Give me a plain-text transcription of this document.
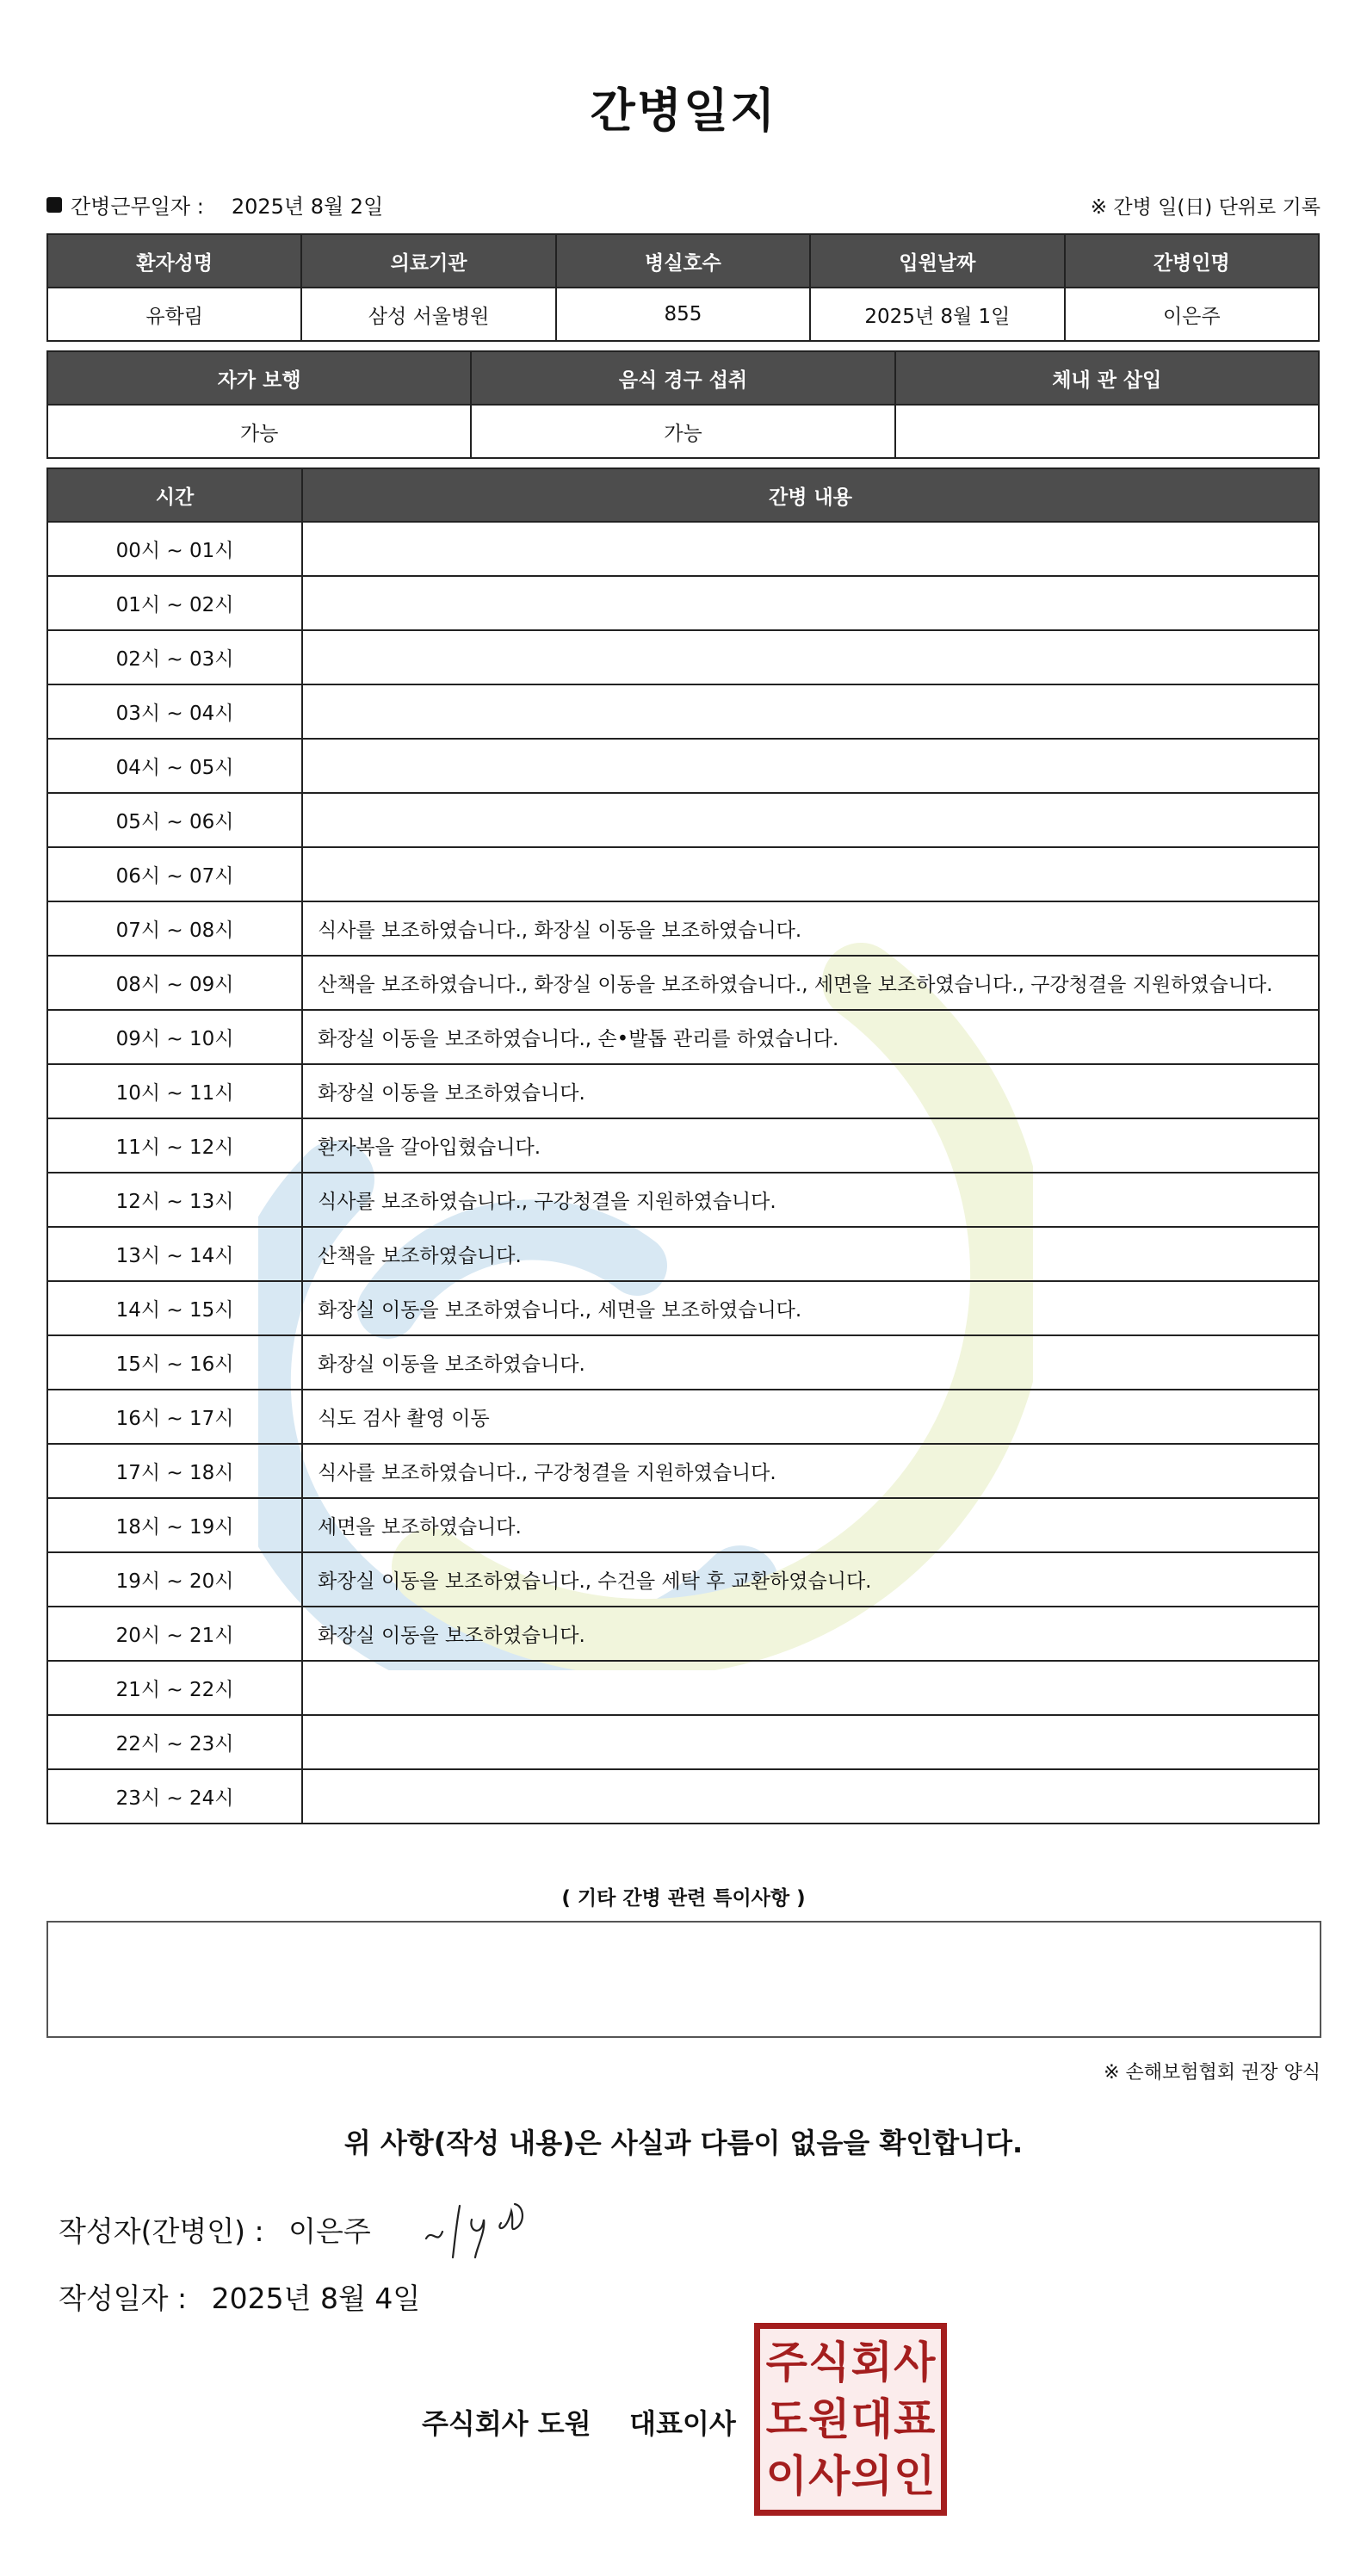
간병일지
간병근무일자 : 2025년 8월 2일	※ 간병 일(日) 단위로 기록
환자성명	의료기관	병실호수	입원날짜	간병인명
유학림	삼성 서울병원	855	2025년 8월 1일	이은주
자가 보행	음식 경구 섭취	체내 관 삽입
가능	가능	
시간	간병 내용
00시 ~ 01시	
01시 ~ 02시	
02시 ~ 03시	
03시 ~ 04시	
04시 ~ 05시	
05시 ~ 06시	
06시 ~ 07시	
07시 ~ 08시	식사를 보조하였습니다., 화장실 이동을 보조하였습니다.
08시 ~ 09시	산책을 보조하였습니다., 화장실 이동을 보조하였습니다., 세면을 보조하였습니다., 구강청결을 지원하였습니다.
09시 ~ 10시	화장실 이동을 보조하였습니다., 손•발톱 관리를 하였습니다.
10시 ~ 11시	화장실 이동을 보조하였습니다.
11시 ~ 12시	환자복을 갈아입혔습니다.
12시 ~ 13시	식사를 보조하였습니다., 구강청결을 지원하였습니다.
13시 ~ 14시	산책을 보조하였습니다.
14시 ~ 15시	화장실 이동을 보조하였습니다., 세면을 보조하였습니다.
15시 ~ 16시	화장실 이동을 보조하였습니다.
16시 ~ 17시	식도 검사 촬영 이동
17시 ~ 18시	식사를 보조하였습니다., 구강청결을 지원하였습니다.
18시 ~ 19시	세면을 보조하였습니다.
19시 ~ 20시	화장실 이동을 보조하였습니다., 수건을 세탁 후 교환하였습니다.
20시 ~ 21시	화장실 이동을 보조하였습니다.
21시 ~ 22시	
22시 ~ 23시	
23시 ~ 24시	
( 기타 간병 관련 특이사항 )
※ 손해보험협회 권장 양식
위 사항(작성 내용)은 사실과 다름이 없음을 확인합니다.
작성자(간병인) : 이은주
작성일자 : 2025년 8월 4일
주식회사 도원    대표이사
주 식 회 사
도 원 대 표
이 사 의 인
